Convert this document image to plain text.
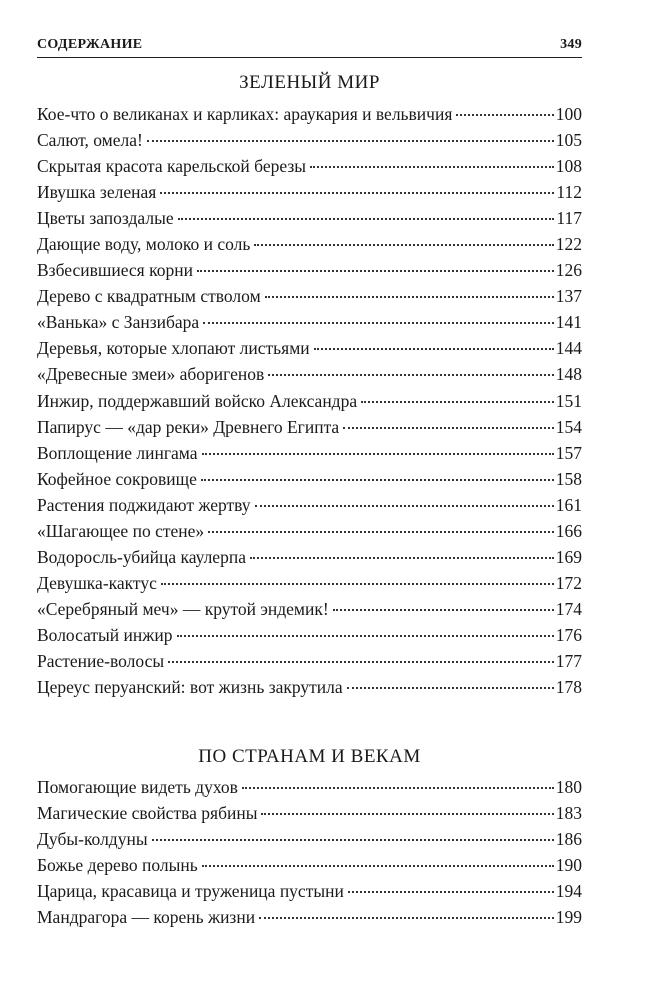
СОДЕРЖАНИЕ	349
ЗЕЛЕНЫЙ МИР
Кое-что о великанах и карликах: араукария и вельвичия	100
Салют, омела!	105
Скрытая красота карельской березы	108
Ивушка зеленая	112
Цветы запоздалые	117
Дающие воду, молоко и соль	122
Взбесившиеся корни	126
Дерево с квадратным стволом	137
«Ванька» с Занзибара	141
Деревья, которые хлопают листьями	144
«Древесные змеи» аборигенов	148
Инжир, поддержавший войско Александра	151
Папирус — «дар реки» Древнего Египта	154
Воплощение лингама	157
Кофейное сокровище	158
Растения поджидают жертву	161
«Шагающее по стене»	166
Водоросль-убийца каулерпа	169
Девушка-кактус	172
«Серебряный меч» — крутой эндемик!	174
Волосатый инжир	176
Растение-волосы	177
Цереус перуанский: вот жизнь закрутила	178
ПО СТРАНАМ И ВЕКАМ
Помогающие видеть духов	180
Магические свойства рябины	183
Дубы-колдуны	186
Божье дерево полынь	190
Царица, красавица и труженица пустыни	194
Мандрагора — корень жизни	199
